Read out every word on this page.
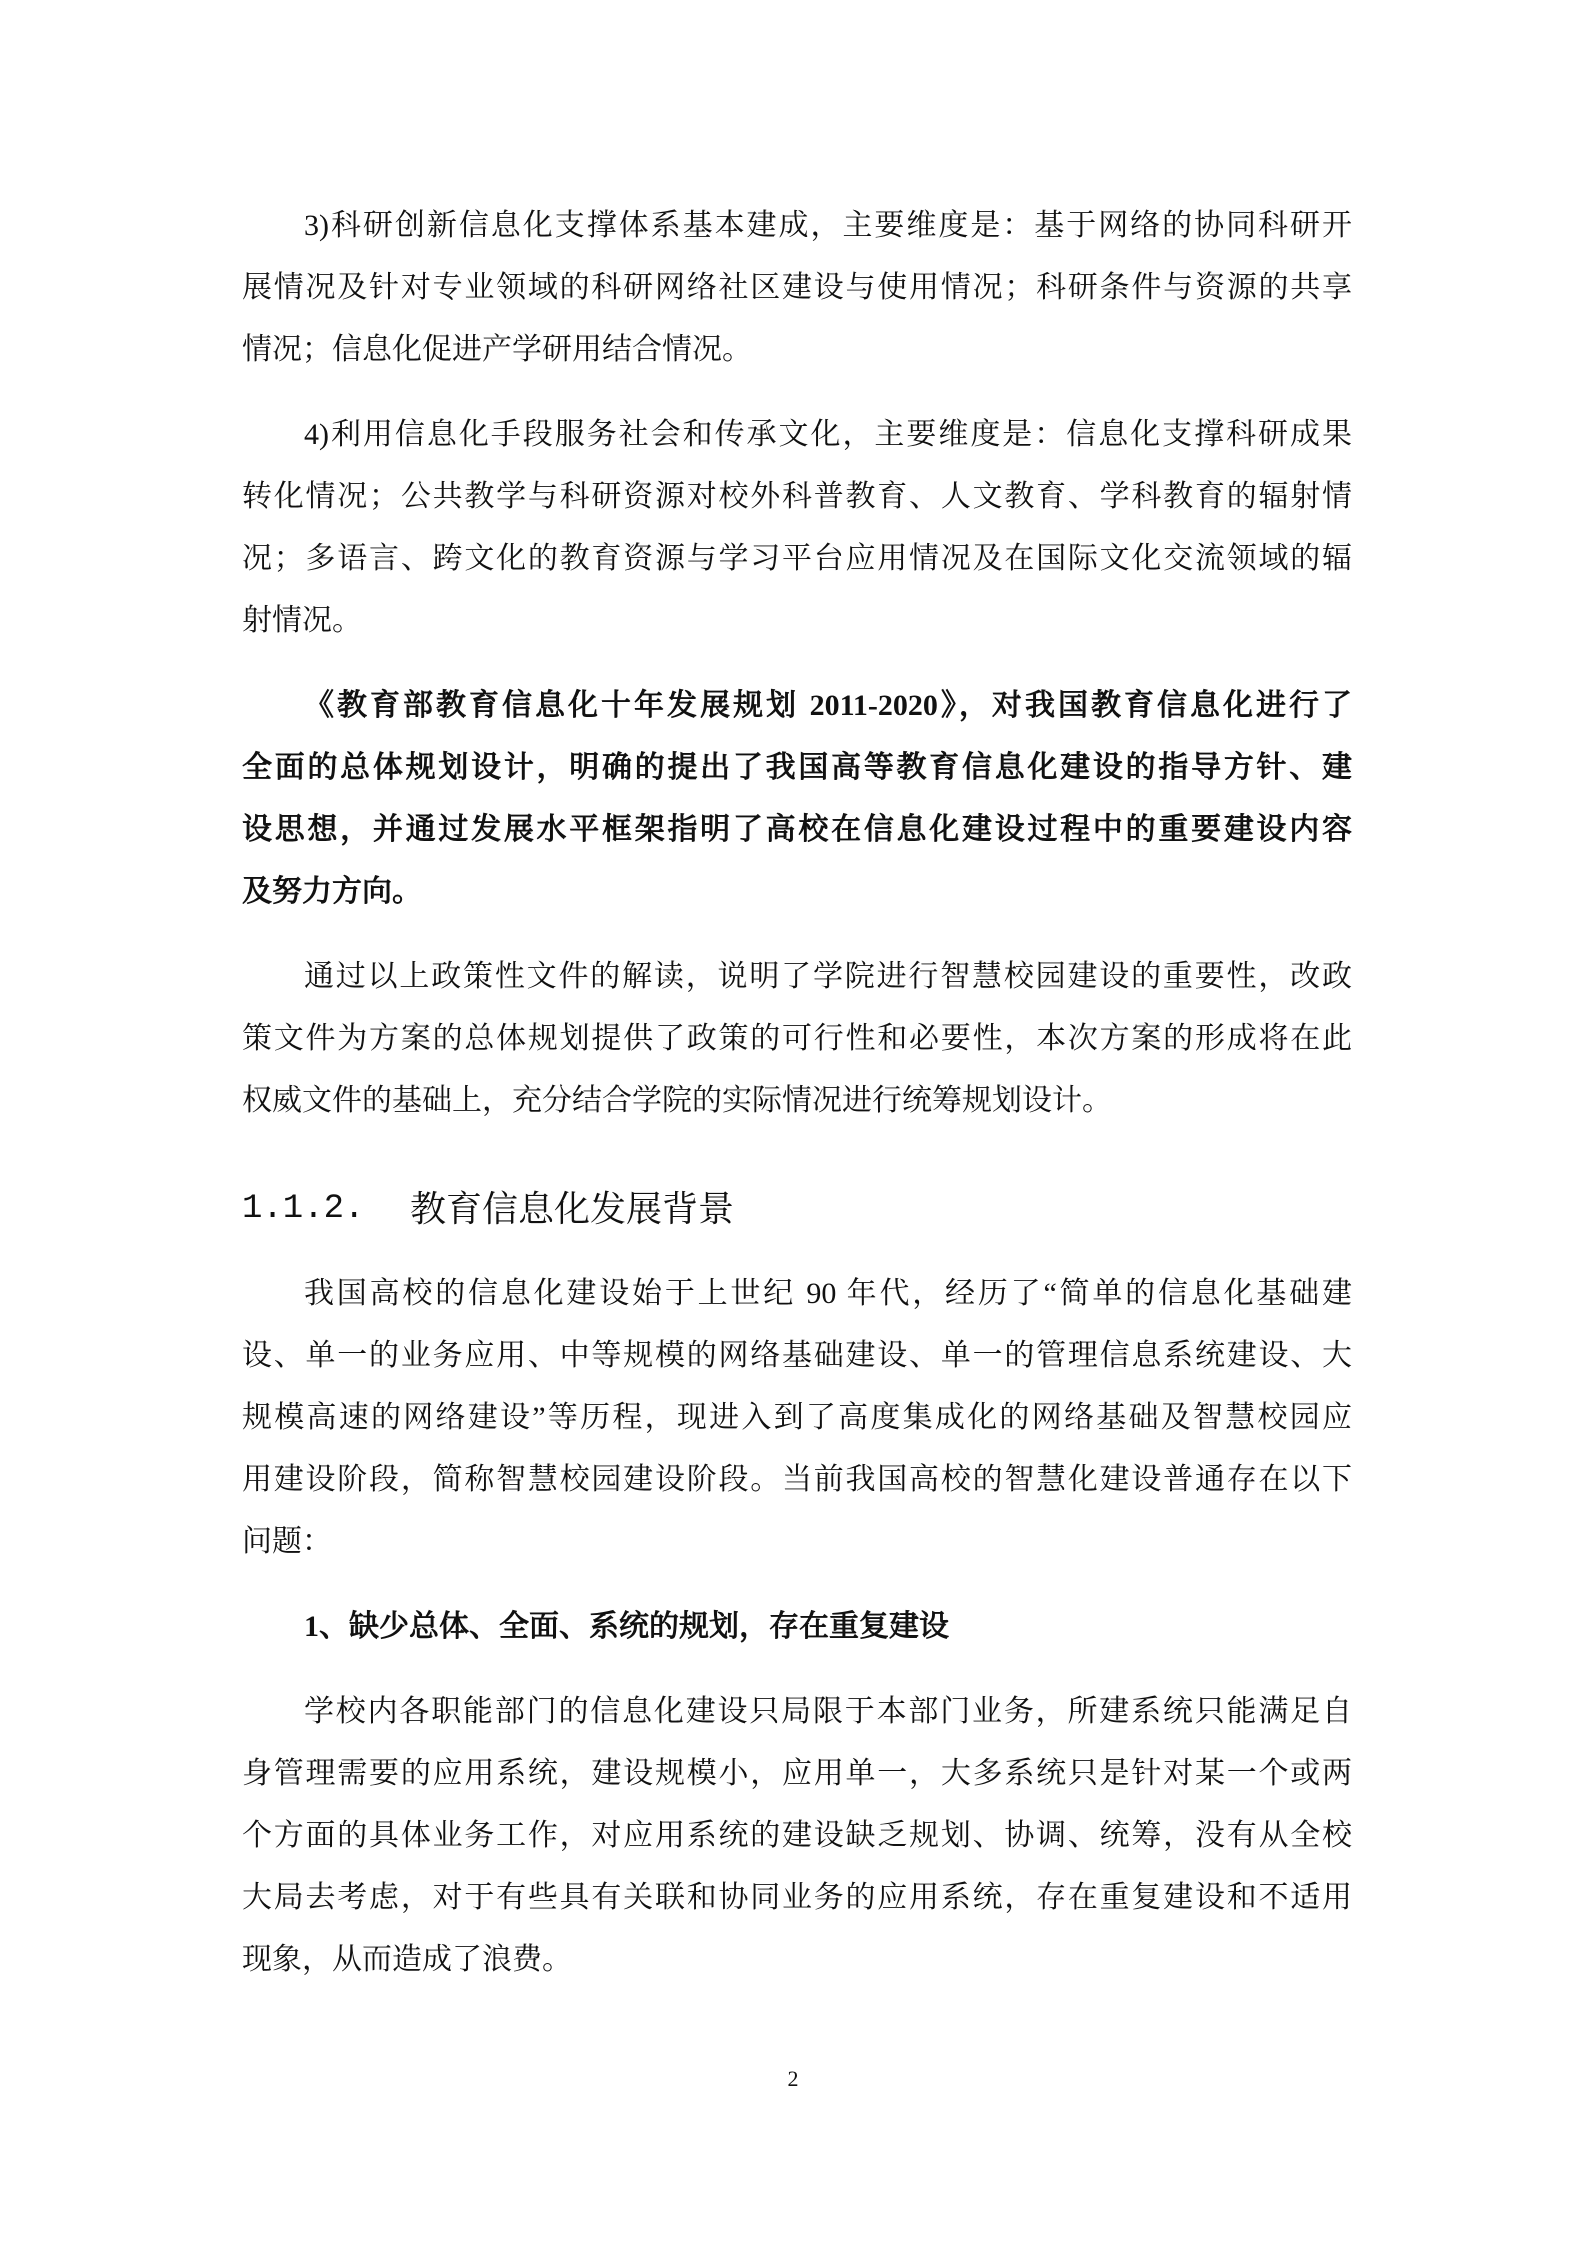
3)科研创新信息化支撑体系基本建成，主要维度是：基于网络的协同科研开
展情况及针对专业领域的科研网络社区建设与使用情况；科研条件与资源的共享
情况；信息化促进产学研用结合情况。
4)利用信息化手段服务社会和传承文化，主要维度是：信息化支撑科研成果
转化情况；公共教学与科研资源对校外科普教育、人文教育、学科教育的辐射情
况；多语言、跨文化的教育资源与学习平台应用情况及在国际文化交流领域的辐
射情况。
《教育部教育信息化十年发展规划 2011-2020》，对我国教育信息化进行了
全面的总体规划设计，明确的提出了我国高等教育信息化建设的指导方针、建
设思想，并通过发展水平框架指明了高校在信息化建设过程中的重要建设内容
及努力方向。
通过以上政策性文件的解读，说明了学院进行智慧校园建设的重要性，改政
策文件为方案的总体规划提供了政策的可行性和必要性，本次方案的形成将在此
权威文件的基础上，充分结合学院的实际情况进行统筹规划设计。
1.1.2.	教育信息化发展背景
我国高校的信息化建设始于上世纪 90 年代，经历了“简单的信息化基础建
设、单一的业务应用、中等规模的网络基础建设、单一的管理信息系统建设、大
规模高速的网络建设”等历程，现进入到了高度集成化的网络基础及智慧校园应
用建设阶段，简称智慧校园建设阶段。当前我国高校的智慧化建设普通存在以下
问题：
1、缺少总体、全面、系统的规划，存在重复建设
学校内各职能部门的信息化建设只局限于本部门业务，所建系统只能满足自
身管理需要的应用系统，建设规模小，应用单一，大多系统只是针对某一个或两
个方面的具体业务工作，对应用系统的建设缺乏规划、协调、统筹，没有从全校
大局去考虑，对于有些具有关联和协同业务的应用系统，存在重复建设和不适用
现象，从而造成了浪费。
2
